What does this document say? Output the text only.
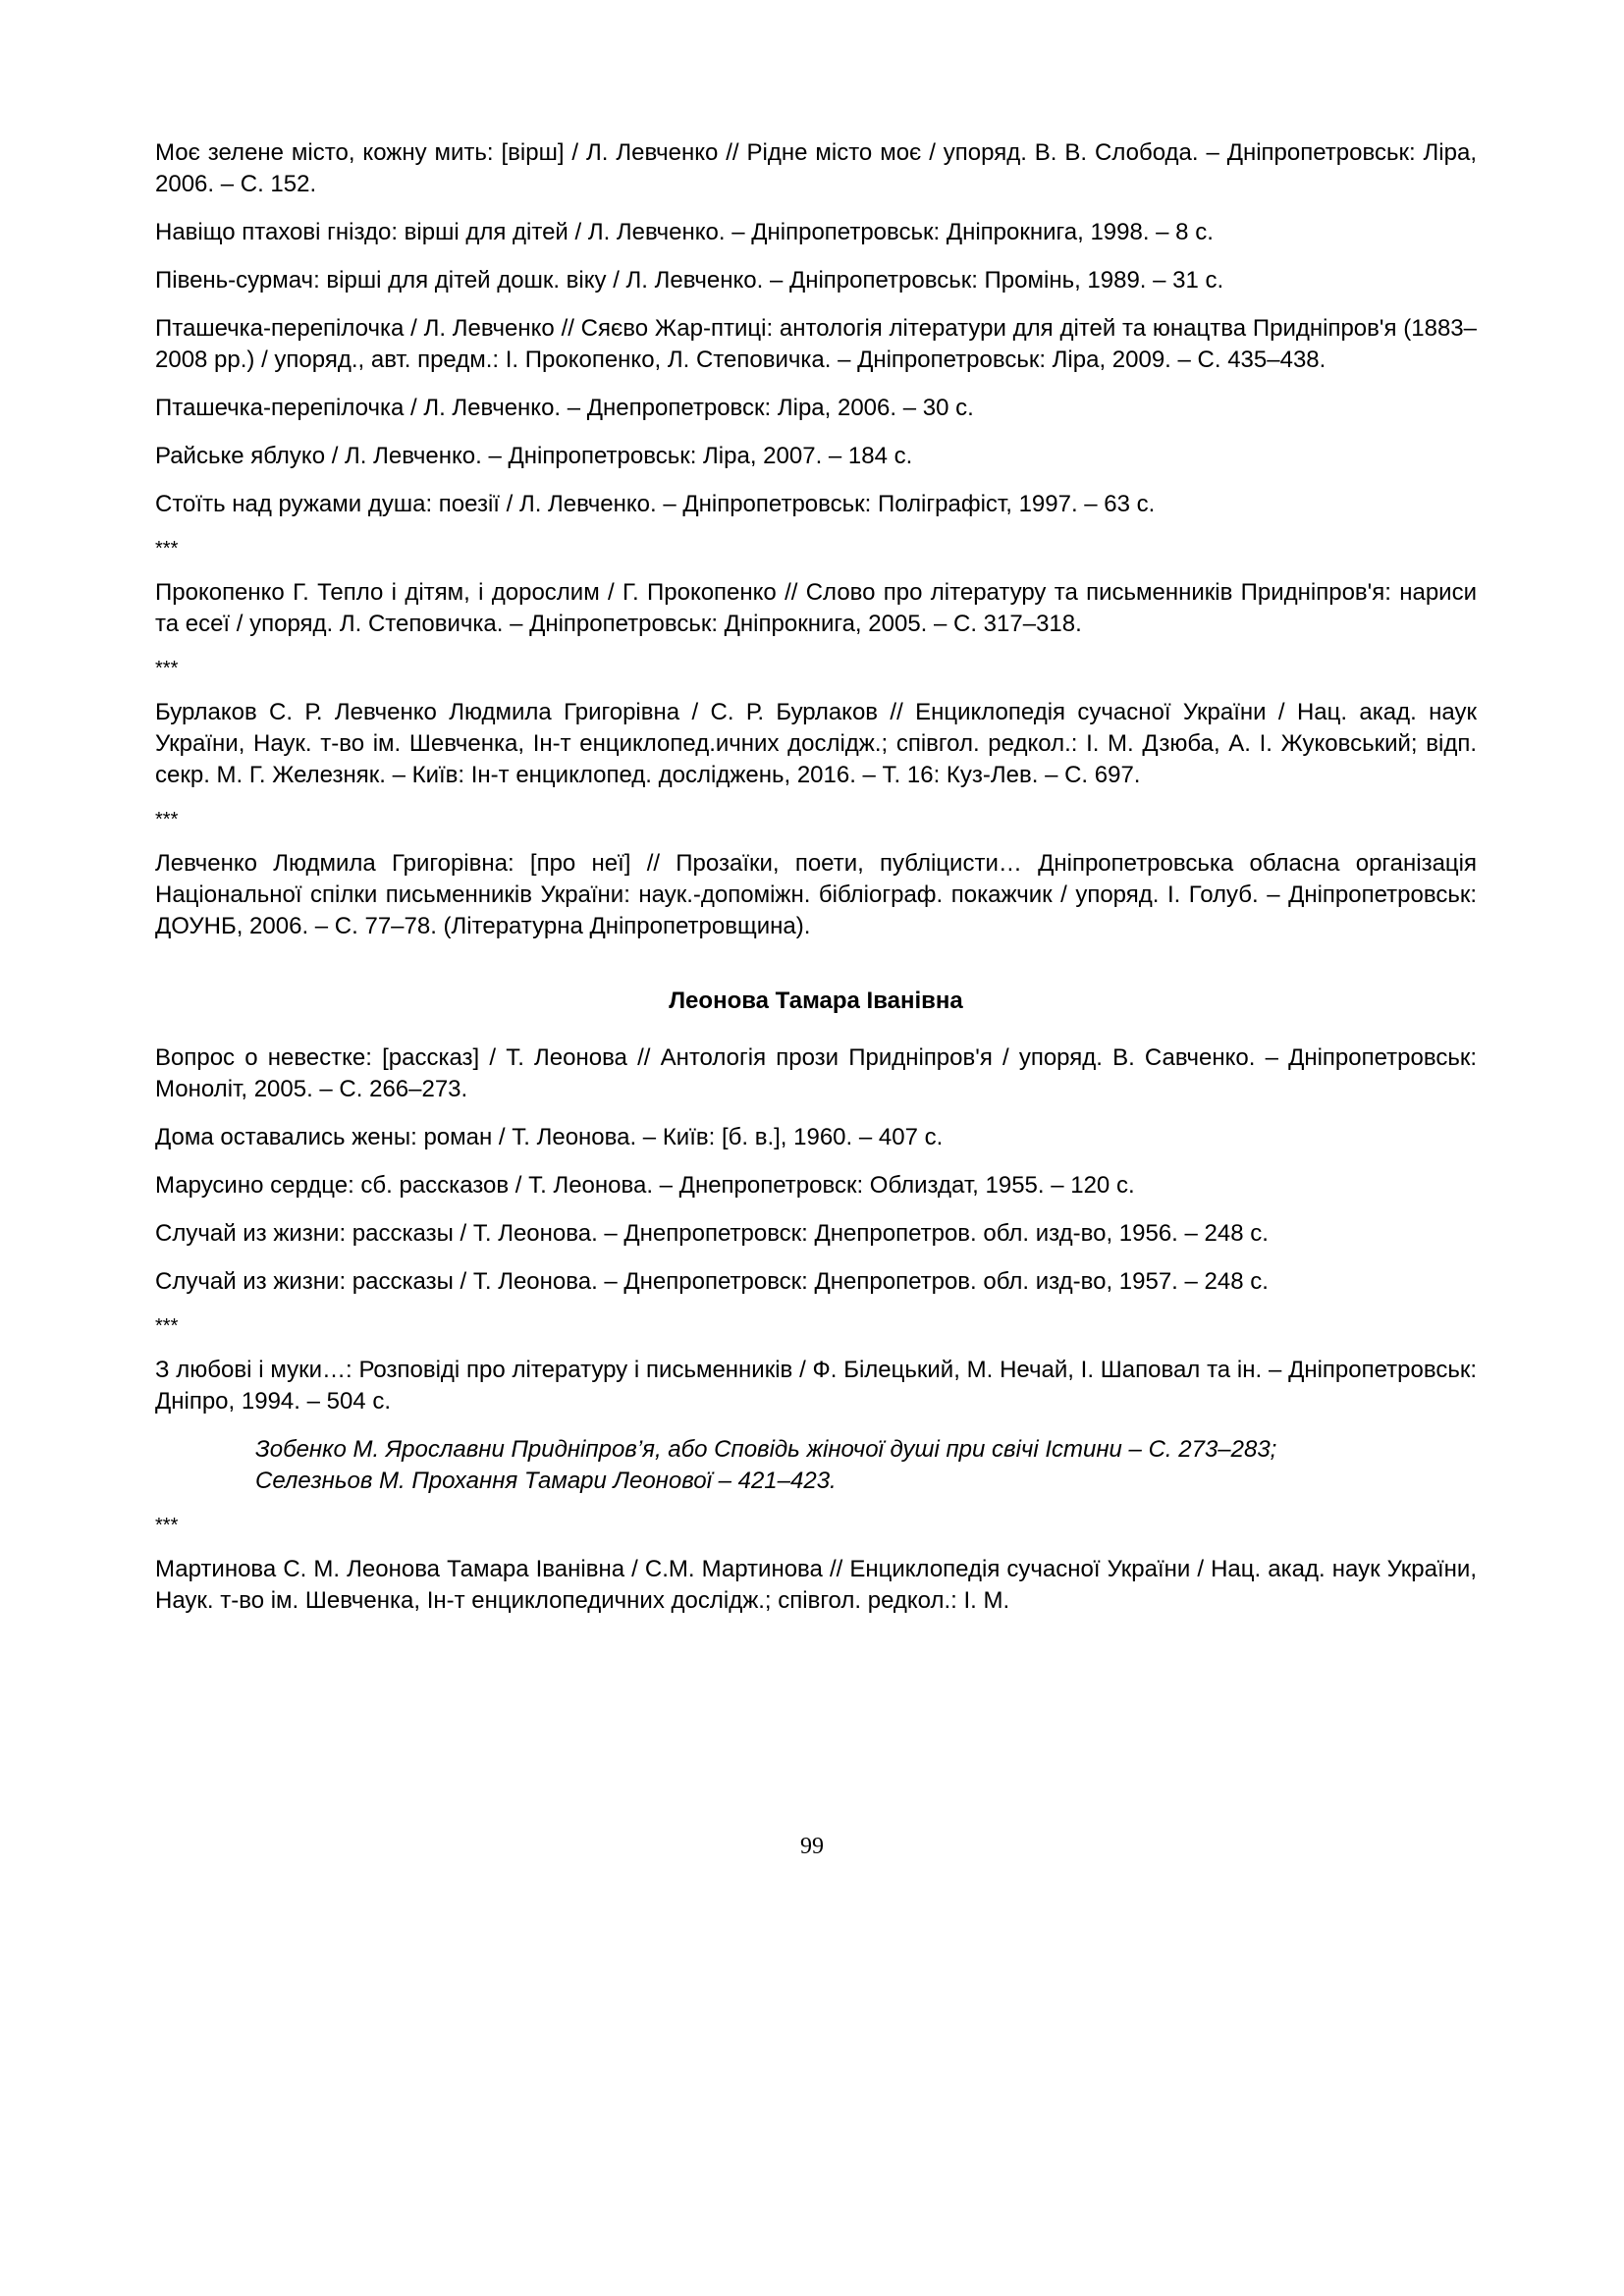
Моє зелене місто, кожну мить: [вірш] / Л. Левченко // Рідне місто моє / упоряд. В. В. Слобода. – Дніпропетровськ: Ліра, 2006. – С. 152.

Навіщо птахові гніздо: вірші для дітей / Л. Левченко. – Дніпропетровськ: Дніпрокнига, 1998. – 8 с.

Півень-сурмач: вірші для дітей дошк. віку / Л. Левченко. – Дніпропетровськ: Промінь, 1989. – 31 с.

Пташечка-перепілочка / Л. Левченко // Сяєво Жар-птиці: антологія літератури для дітей та юнацтва Придніпров'я (1883–2008 рр.) / упоряд., авт. предм.: І. Прокопенко, Л. Степовичка. – Дніпропетровськ: Ліра, 2009. – С. 435–438.

Пташечка-перепілочка / Л. Левченко. – Днепропетровск: Ліра, 2006. – 30 с.

Райське яблуко / Л. Левченко. – Дніпропетровськ: Ліра, 2007. – 184 с.

Стоїть над ружами душа: поезії / Л. Левченко. – Дніпропетровськ: Поліграфіст, 1997. – 63 с.

***

Прокопенко Г. Тепло і дітям, і дорослим / Г. Прокопенко // Слово про літературу та письменників Придніпров'я: нариси та есеї / упоряд. Л. Степовичка. – Дніпропетровськ: Дніпрокнига, 2005. – С. 317–318.

***

Бурлаков С. Р. Левченко Людмила Григорівна / С. Р. Бурлаков // Енциклопедія сучасної України / Нац. акад. наук України, Наук. т-во ім. Шевченка, Ін-т енциклопед.ичних дослідж.; співгол. редкол.: І. М. Дзюба, А. І. Жуковський; відп. секр. М. Г. Железняк. – Київ: Ін-т енциклопед. досліджень, 2016. – Т. 16: Куз-Лев. – С. 697.

***

Левченко Людмила Григорівна: [про неї] // Прозаїки, поети, публіцисти… Дніпропетровська обласна організація Національної спілки письменників України: наук.-допоміжн. бібліограф. покажчик / упоряд. І. Голуб. – Дніпропетровськ: ДОУНБ, 2006. – С. 77–78. (Літературна Дніпропетровщина).

Леонова Тамара Іванівна

Вопрос о невестке: [рассказ] / Т. Леонова // Антологія прози Придніпров'я / упоряд. В. Савченко. – Дніпропетровськ: Моноліт, 2005. – С. 266–273.

Дома оставались жены: роман / Т. Леонова. – Київ: [б. в.], 1960. – 407 с.

Марусино сердце: сб. рассказов / Т. Леонова. – Днепропетровск: Облиздат, 1955. – 120 с.

Случай из жизни: рассказы / Т. Леонова. – Днепропетровск: Днепропетров. обл. изд-во, 1956. – 248 с.

Случай из жизни: рассказы / Т. Леонова. – Днепропетровск: Днепропетров. обл. изд-во, 1957. – 248 с.

***

З любові і муки…: Розповіді про літературу і письменників / Ф. Білецький, М. Нечай, І. Шаповал та ін. – Дніпропетровськ: Дніпро, 1994. – 504 с.

Зобенко М. Ярославни Придніпров’я, або Сповідь жіночої душі при свічі Істини – С. 273–283;
Селезньов М. Прохання Тамари Леонової – 421–423.
***

Мартинова С. М. Леонова Тамара Іванівна / С.М. Мартинова // Енциклопедія сучасної України / Нац. акад. наук України, Наук. т-во ім. Шевченка, Ін-т енциклопедичних дослідж.; співгол. редкол.: І. М.

99
